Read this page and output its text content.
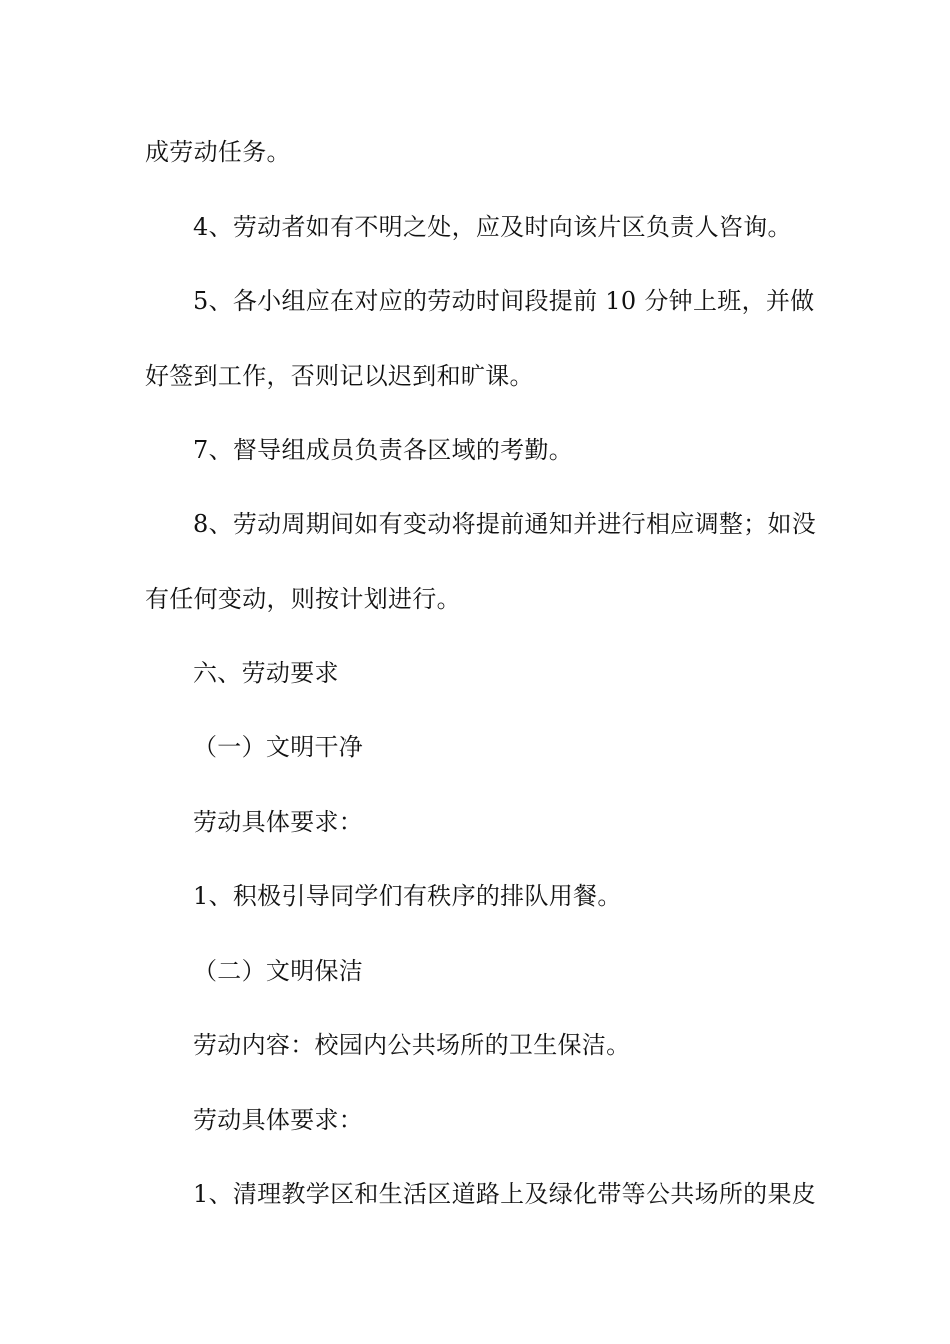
成劳动任务。
4、劳动者如有不明之处，应及时向该片区负责人咨询。
5、各小组应在对应的劳动时间段提前 10 分钟上班，并做
好签到工作，否则记以迟到和旷课。
7、督导组成员负责各区域的考勤。
8、劳动周期间如有变动将提前通知并进行相应调整；如没
有任何变动，则按计划进行。
六、劳动要求
（一）文明干净
劳动具体要求：
1、积极引导同学们有秩序的排队用餐。
（二）文明保洁
劳动内容：校园内公共场所的卫生保洁。
劳动具体要求：
1、清理教学区和生活区道路上及绿化带等公共场所的果皮
